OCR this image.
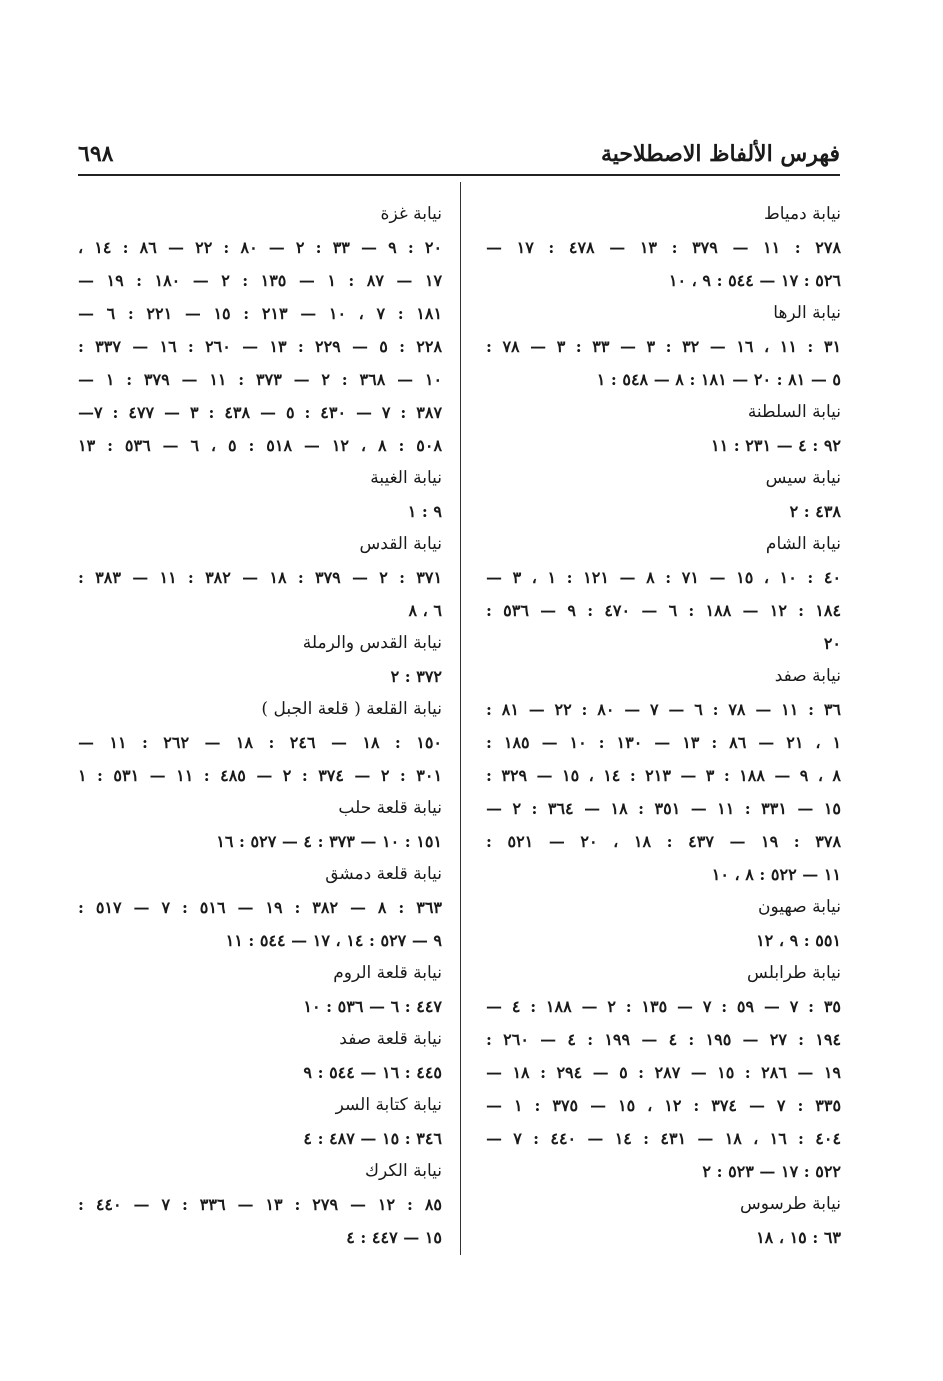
فهرس الألفاظ الاصطلاحية
٦٩٨
نيابة دمياط
٢٧٨ : ١١ — ٣٧٩ : ١٣ — ٤٧٨ : ١٧ —
٥٢٦ : ١٧ — ٥٤٤ : ٩ ، ١٠
نيابة الرها
٣١ : ١١ ، ١٦ — ٣٢ : ٣ — ٣٣ : ٣ — ٧٨ :
٥ — ٨١ : ٢٠ — ١٨١ : ٨ — ٥٤٨ : ١
نيابة السلطنة
٩٢ : ٤ — ٢٣١ : ١١
نيابة سيس
٤٣٨ : ٢
نيابة الشام
٤٠ : ١٠ ، ١٥ — ٧١ : ٨ — ١٢١ : ١ ، ٣ —
١٨٤ : ١٢ — ١٨٨ : ٦ — ٤٧٠ : ٩ — ٥٣٦ :
٢٠
نيابة صفد
٣٦ : ١١ — ٧٨ : ٦ — ٧ — ٨٠ : ٢٢ — ٨١ :
١ ، ٢١ — ٨٦ : ١٣ — ١٣٠ : ١٠ — ١٨٥ :
٨ ، ٩ — ١٨٨ : ٣ — ٢١٣ : ١٤ ، ١٥ — ٣٢٩ :
١٥ — ٣٣١ : ١١ — ٣٥١ : ١٨ — ٣٦٤ : ٢ —
٣٧٨ : ١٩ — ٤٣٧ : ١٨ ، ٢٠ — ٥٢١ :
١١ — ٥٢٢ : ٨ ، ١٠
نيابة صهيون
٥٥١ : ٩ ، ١٢
نيابة طرابلس
٣٥ : ٧ — ٥٩ : ٧ — ١٣٥ : ٢ — ١٨٨ : ٤ —
١٩٤ : ٢٧ — ١٩٥ : ٤ — ١٩٩ : ٤ — ٢٦٠ :
١٩ — ٢٨٦ : ١٥ — ٢٨٧ : ٥ — ٢٩٤ : ١٨ —
٣٣٥ : ٧ — ٣٧٤ : ١٢ ، ١٥ — ٣٧٥ : ١ —
٤٠٤ : ١٦ ، ١٨ — ٤٣١ : ١٤ — ٤٤٠ : ٧ —
٥٢٢ : ١٧ — ٥٢٣ : ٢
نيابة طرسوس
٦٣ : ١٥ ، ١٨
نيابة غزة
٢٠ : ٩ — ٣٣ : ٢ — ٨٠ : ٢٢ — ٨٦ : ١٤ ،
١٧ — ٨٧ : ١ — ١٣٥ : ٢ — ١٨٠ : ١٩ —
١٨١ : ٧ ، ١٠ — ٢١٣ : ١٥ — ٢٢١ : ٦ —
٢٢٨ : ٥ — ٢٢٩ : ١٣ — ٢٦٠ : ١٦ — ٣٣٧ :
١٠ — ٣٦٨ : ٢ — ٣٧٣ : ١١ — ٣٧٩ : ١ —
٣٨٧ : ٧ — ٤٣٠ : ٥ — ٤٣٨ : ٣ — ٤٧٧ : ٧—
٥٠٨ : ٨ ، ١٢ — ٥١٨ : ٥ ، ٦ — ٥٣٦ : ١٣
نيابة الغيبة
٩ : ١
نيابة القدس
٣٧١ : ٢ — ٣٧٩ : ١٨ — ٣٨٢ : ١١ — ٣٨٣ :
٦ ، ٨
نيابة القدس والرملة
٣٧٢ : ٢
نيابة القلعة ( قلعة الجبل )
١٥٠ : ١٨ — ٢٤٦ : ١٨ — ٢٦٢ : ١١ —
٣٠١ : ٢ — ٣٧٤ : ٢ — ٤٨٥ : ١١ — ٥٣١ : ١
نيابة قلعة حلب
١٥١ : ١٠ — ٣٧٣ : ٤ — ٥٢٧ : ١٦
نيابة قلعة دمشق
٣٦٣ : ٨ — ٣٨٢ : ١٩ — ٥١٦ : ٧ — ٥١٧ :
٩ — ٥٢٧ : ١٤ ، ١٧ — ٥٤٤ : ١١
نيابة قلعة الروم
٤٤٧ : ٦ — ٥٣٦ : ١٠
نيابة قلعة صفد
٤٤٥ : ١٦ — ٥٤٤ : ٩
نيابة كتابة السر
٣٤٦ : ١٥ — ٤٨٧ : ٤
نيابة الكرك
٨٥ : ١٢ — ٢٧٩ : ١٣ — ٣٣٦ : ٧ — ٤٤٠ :
١٥ — ٤٤٧ : ٤
